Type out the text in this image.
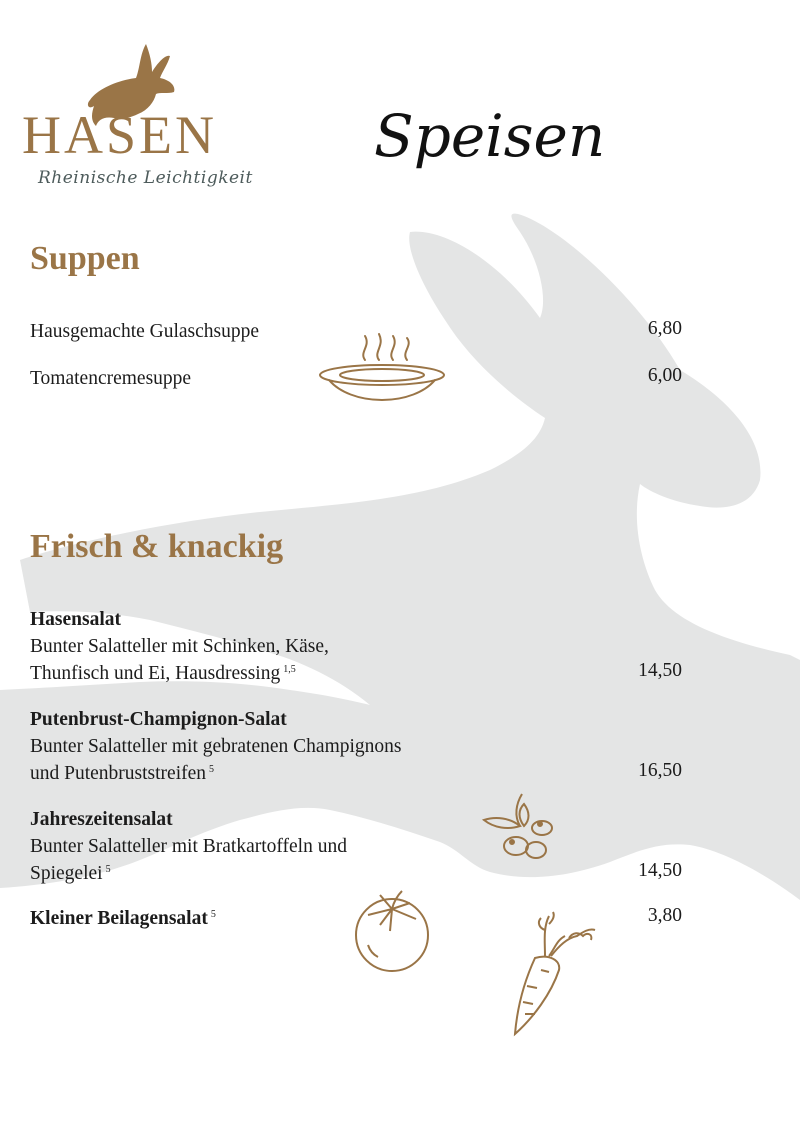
HASEN
Rheinische Leichtigkeit
Speisen
Suppen
Hausgemachte Gulaschsuppe	6,80
Tomatencremesuppe	6,00
Frisch & knackig
Hasensalat
Bunter Salatteller mit Schinken, Käse,
Thunfisch und Ei, Hausdressing $^{1,5}$	14,50
Putenbrust-Champignon-Salat
Bunter Salatteller mit gebratenen Champignons
und Putenbruststreifen $^5$	16,50
Jahreszeitensalat
Bunter Salatteller mit Bratkartoffeln und
Spiegelei $^5$	14,50
Kleiner Beilagensalat $^5$	3,80
